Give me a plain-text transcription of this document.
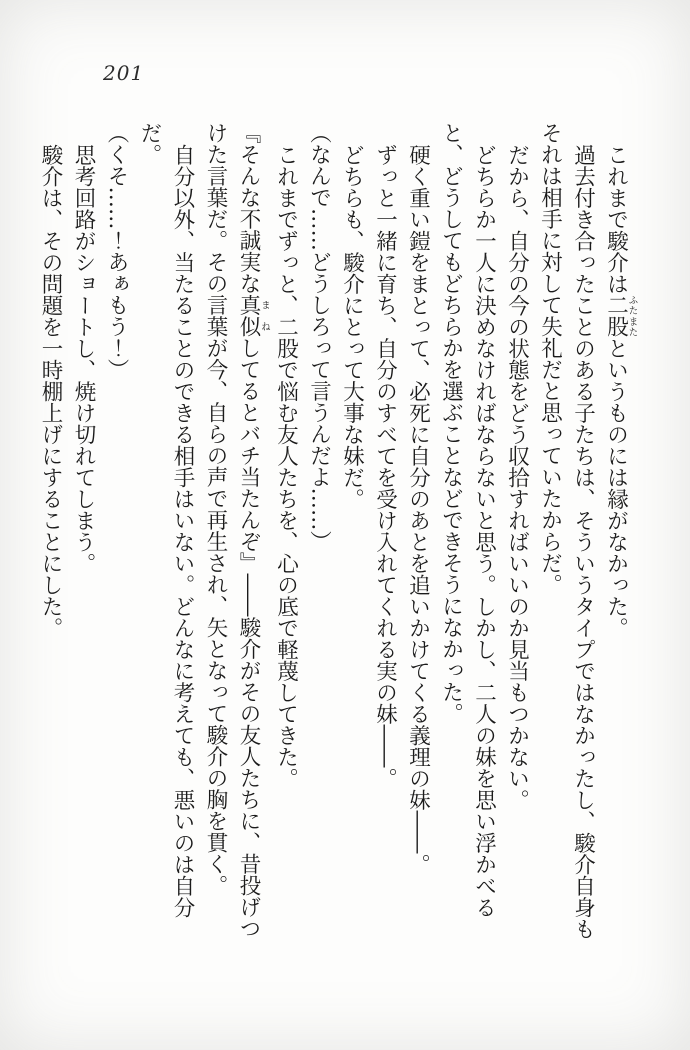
201

これまで駿介は二股ふたまたというものには縁がなかった。

過去付き合ったことのある子たちは、そういうタイプではなかったし、駿介自身もそれは相手に対して失礼だと思っていたからだ。

だから、自分の今の状態をどう収拾すればいいのか見当もつかない。

どちらか一人に決めなければならないと思う。しかし、二人の妹を思い浮かべると、どうしてもどちらかを選ぶことなどできそうになかった。

硬く重い鎧をまとって、必死に自分のあとを追いかけてくる義理の妹――。

ずっと一緒に育ち、自分のすべてを受け入れてくれる実の妹――。

どちらも、駿介にとって大事な妹だ。

（なんで……どうしろって言うんだよ……）

これまでずっと、二股で悩む友人たちを、心の底で軽蔑してきた。

『そんな不誠実な真似まねしてるとバチ当たんぞ』――駿介がその友人たちに、昔投げつけた言葉だ。その言葉が今、自らの声で再生され、矢となって駿介の胸を貫く。

自分以外、当たることのできる相手はいない。どんなに考えても、悪いのは自分だ。

（くそ……！あぁもう！）

思考回路がショートし、焼け切れてしまう。

駿介は、その問題を一時棚上げにすることにした。
